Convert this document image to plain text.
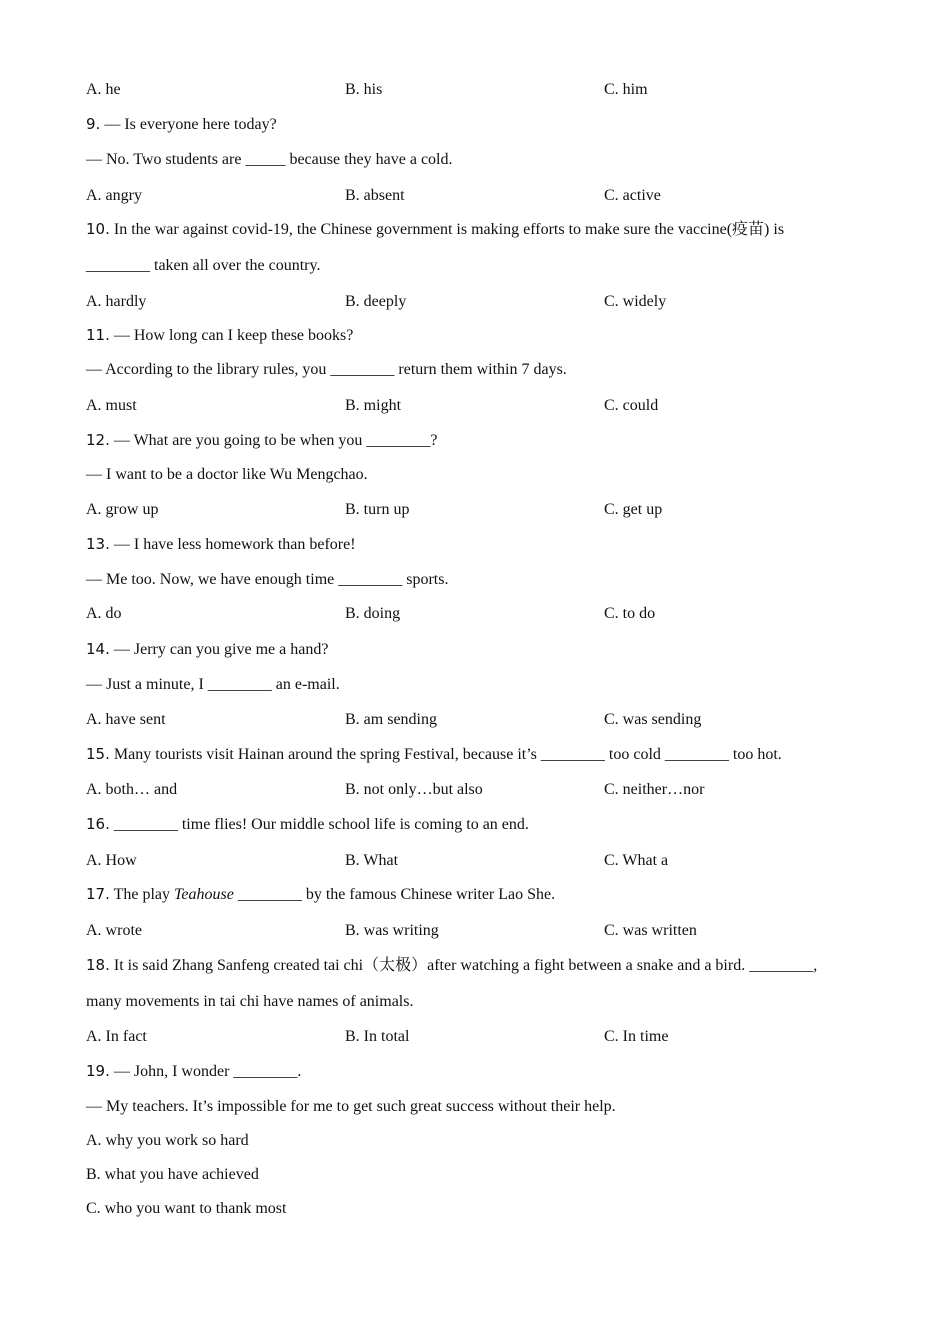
A. he	B. his	C. him
9. — Is everyone here today?
— No. Two students are _____ because they have a cold.
A. angry	B. absent	C. active
10. In the war against covid-19, the Chinese government is making efforts to make sure the vaccine(疫苗) is
________ taken all over the country.
A. hardly	B. deeply	C. widely
11. — How long can I keep these books?
— According to the library rules, you ________ return them within 7 days.
A. must	B. might	C. could
12. — What are you going to be when you ________?
— I want to be a doctor like Wu Mengchao.
A. grow up	B. turn up	C. get up
13. — I have less homework than before!
— Me too. Now, we have enough time ________ sports.
A. do	B. doing	C. to do
14. — Jerry can you give me a hand?
— Just a minute, I ________ an e-mail.
A. have sent	B. am sending	C. was sending
15. Many tourists visit Hainan around the spring Festival, because it’s ________ too cold ________ too hot.
A. both… and	B. not only…but also	C. neither…nor
16. ________ time flies! Our middle school life is coming to an end.
A. How	B. What	C. What a
17. The play Teahouse ________ by the famous Chinese writer Lao She.
A. wrote	B. was writing	C. was written
18. It is said Zhang Sanfeng created tai chi（太极）after watching a fight between a snake and a bird. ________,
many movements in tai chi have names of animals.
A. In fact	B. In total	C. In time
19. — John, I wonder ________.
— My teachers. It’s impossible for me to get such great success without their help.
A. why you work so hard
B. what you have achieved
C. who you want to thank most
